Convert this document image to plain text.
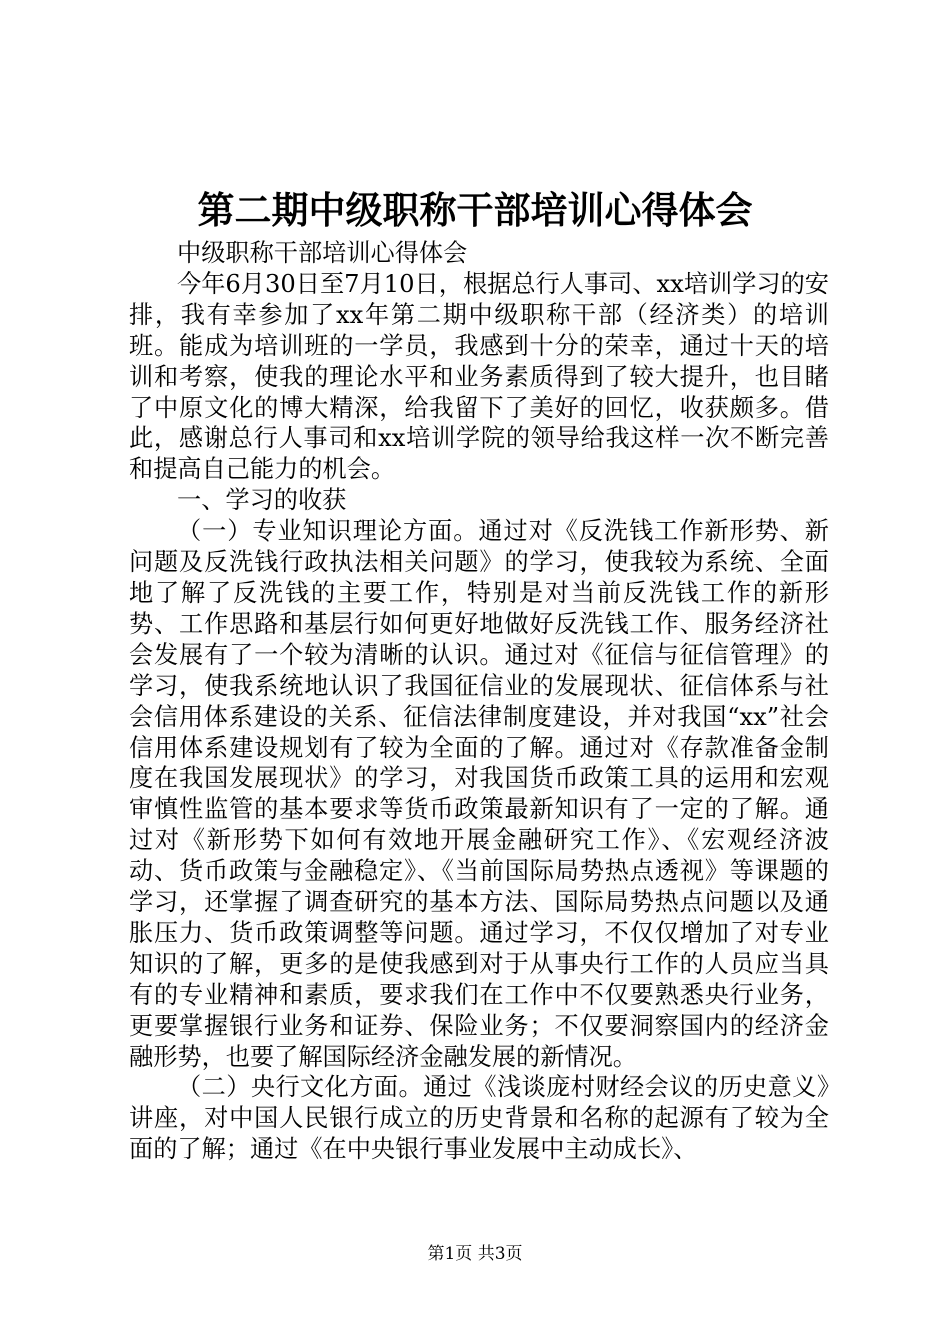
第二期中级职称干部培训心得体会

中级职称干部培训心得体会

今年6月30日至7月10日，根据总行人事司、xx培训学习的安排，我有幸参加了xx年第二期中级职称干部（经济类）的培训班。能成为培训班的一学员，我感到十分的荣幸，通过十天的培训和考察，使我的理论水平和业务素质得到了较大提升，也目睹了中原文化的博大精深，给我留下了美好的回忆，收获颇多。借此，感谢总行人事司和xx培训学院的领导给我这样一次不断完善和提高自己能力的机会。

一、学习的收获

（一）专业知识理论方面。通过对《反洗钱工作新形势、新问题及反洗钱行政执法相关问题》的学习，使我较为系统、全面地了解了反洗钱的主要工作，特别是对当前反洗钱工作的新形势、工作思路和基层行如何更好地做好反洗钱工作、服务经济社会发展有了一个较为清晰的认识。通过对《征信与征信管理》的学习，使我系统地认识了我国征信业的发展现状、征信体系与社会信用体系建设的关系、征信法律制度建设，并对我国“xx”社会信用体系建设规划有了较为全面的了解。通过对《存款准备金制度在我国发展现状》的学习，对我国货币政策工具的运用和宏观审慎性监管的基本要求等货币政策最新知识有了一定的了解。通过对《新形势下如何有效地开展金融研究工作》、《宏观经济波动、货币政策与金融稳定》、《当前国际局势热点透视》等课题的学习，还掌握了调查研究的基本方法、国际局势热点问题以及通胀压力、货币政策调整等问题。通过学习，不仅仅增加了对专业知识的了解，更多的是使我感到对于从事央行工作的人员应当具有的专业精神和素质，要求我们在工作中不仅要熟悉央行业务，更要掌握银行业务和证券、保险业务；不仅要洞察国内的经济金融形势，也要了解国际经济金融发展的新情况。

（二）央行文化方面。通过《浅谈庞村财经会议的历史意义》讲座，对中国人民银行成立的历史背景和名称的起源有了较为全面的了解；通过《在中央银行事业发展中主动成长》、

第1页 共3页
